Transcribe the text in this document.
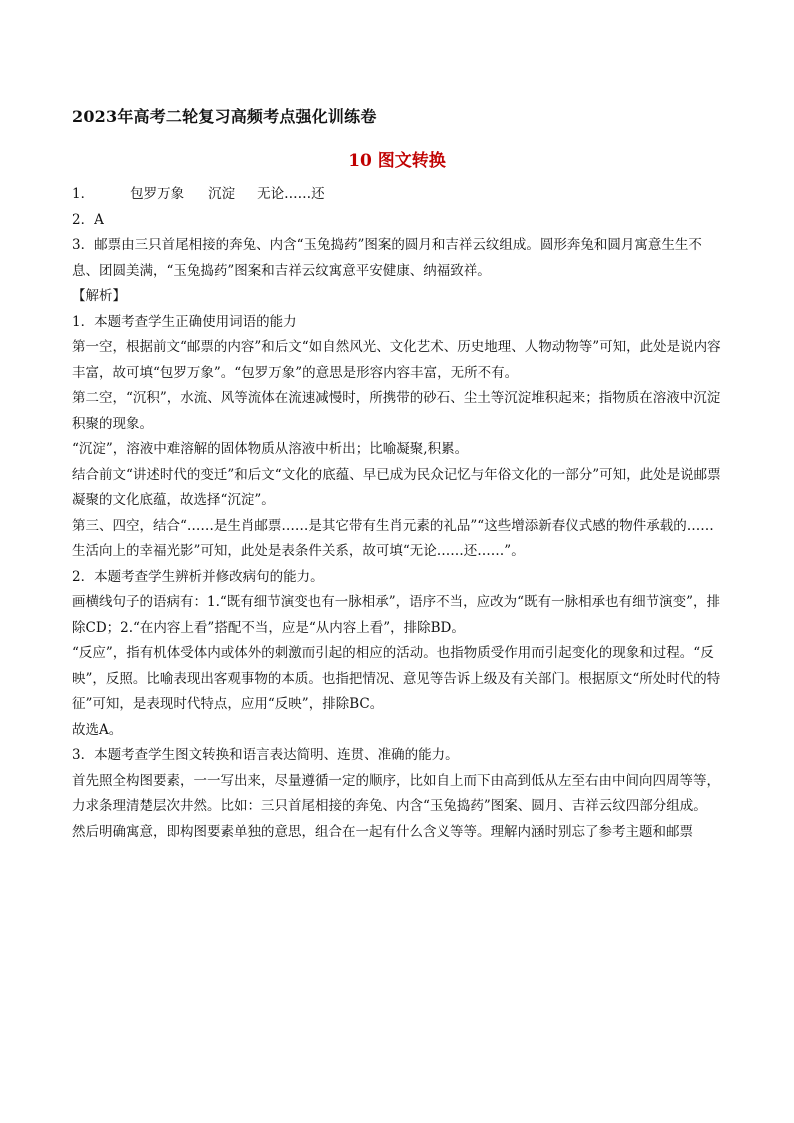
2023年高考二轮复习高频考点强化训练卷
10 图文转换

1．	包罗万象 沉淀 无论……还

2．A

3．邮票由三只首尾相接的奔兔、内含“玉兔捣药”图案的圆月和吉祥云纹组成。圆形奔兔和圆月寓意生生不息、团圆美满，“玉兔捣药”图案和吉祥云纹寓意平安健康、纳福致祥。

【解析】

1．本题考查学生正确使用词语的能力

第一空，根据前文“邮票的内容”和后文“如自然风光、文化艺术、历史地理、人物动物等”可知，此处是说内容丰富，故可填“包罗万象”。“包罗万象”的意思是形容内容丰富，无所不有。

第二空，“沉积”，水流、风等流体在流速减慢时，所携带的砂石、尘土等沉淀堆积起来；指物质在溶液中沉淀积聚的现象。

“沉淀”，溶液中难溶解的固体物质从溶液中析出；比喻凝聚,积累。

结合前文“讲述时代的变迁”和后文“文化的底蕴、早已成为民众记忆与年俗文化的一部分”可知，此处是说邮票凝聚的文化底蕴，故选择“沉淀”。

第三、四空，结合“……是生肖邮票……是其它带有生肖元素的礼品”“这些增添新春仪式感的物件承载的……生活向上的幸福光影”可知，此处是表条件关系，故可填“无论……还……”。

2．本题考查学生辨析并修改病句的能力。

画横线句子的语病有：1.“既有细节演变也有一脉相承”，语序不当，应改为“既有一脉相承也有细节演变”，排除CD；2.“在内容上看”搭配不当，应是“从内容上看”，排除BD。

“反应”，指有机体受体内或体外的刺激而引起的相应的活动。也指物质受作用而引起变化的现象和过程。“反映”，反照。比喻表现出客观事物的本质。也指把情况、意见等告诉上级及有关部门。根据原文“所处时代的特征”可知，是表现时代特点，应用“反映”，排除BC。

故选A。

3．本题考查学生图文转换和语言表达简明、连贯、准确的能力。

首先照全构图要素，一一写出来，尽量遵循一定的顺序，比如自上而下由高到低从左至右由中间向四周等等，力求条理清楚层次井然。比如：三只首尾相接的奔兔、内含“玉兔捣药”图案、圆月、吉祥云纹四部分组成。

然后明确寓意，即构图要素单独的意思，组合在一起有什么含义等等。理解内涵时别忘了参考主题和邮票
